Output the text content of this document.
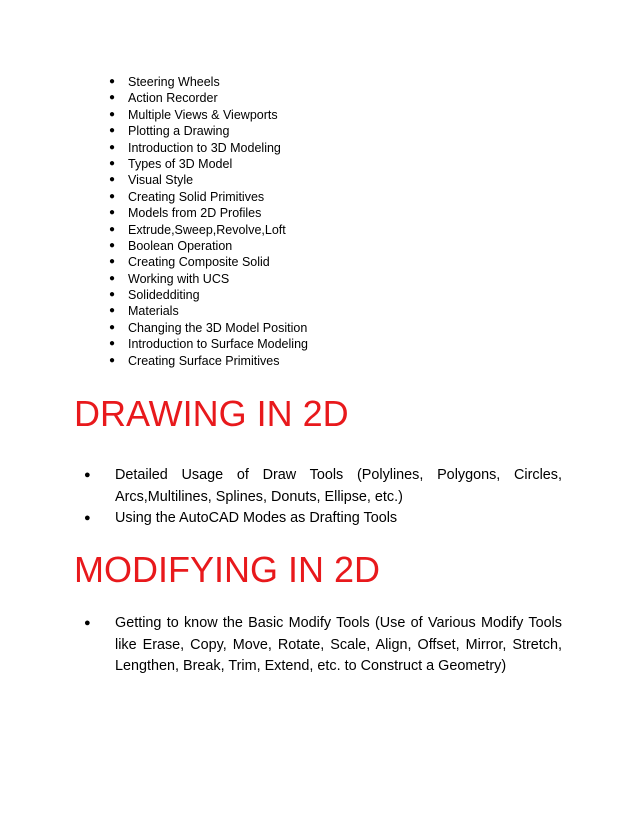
● Steering Wheels
● Action Recorder
● Multiple Views & Viewports
● Plotting a Drawing
● Introduction to 3D Modeling
● Types of 3D Model
● Visual Style
● Creating Solid Primitives
● Models from 2D Profiles
● Extrude,Sweep,Revolve,Loft
● Boolean Operation
● Creating Composite Solid
● Working with UCS
● Solidedditing
● Materials
● Changing the 3D Model Position
● Introduction to Surface Modeling
● Creating Surface Primitives
DRAWING IN 2D
● Detailed Usage of Draw Tools (Polylines, Polygons, Circles, Arcs,Multilines, Splines, Donuts, Ellipse, etc.)
● Using the AutoCAD Modes as Drafting Tools
MODIFYING IN 2D
● Getting to know the Basic Modify Tools (Use of Various Modify Tools like Erase, Copy, Move, Rotate, Scale, Align, Offset, Mirror, Stretch, Lengthen, Break, Trim, Extend, etc. to Construct a Geometry)
